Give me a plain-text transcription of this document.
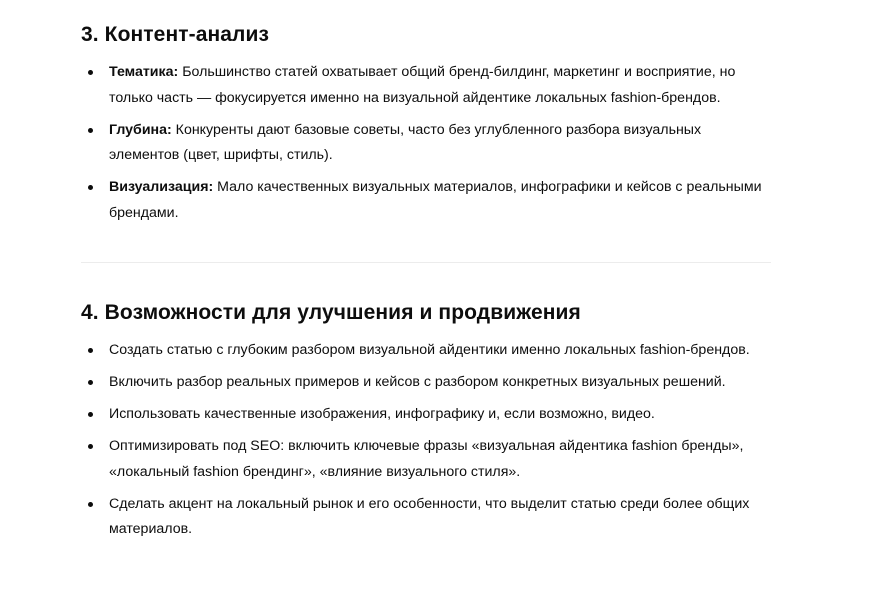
3. Контент-анализ
Тематика: Большинство статей охватывает общий бренд-билдинг, маркетинг и восприятие, но только часть — фокусируется именно на визуальной айдентике локальных fashion-брендов.
Глубина: Конкуренты дают базовые советы, часто без углубленного разбора визуальных элементов (цвет, шрифты, стиль).
Визуализация: Мало качественных визуальных материалов, инфографики и кейсов с реальными брендами.
4. Возможности для улучшения и продвижения
Создать статью с глубоким разбором визуальной айдентики именно локальных fashion-брендов.
Включить разбор реальных примеров и кейсов с разбором конкретных визуальных решений.
Использовать качественные изображения, инфографику и, если возможно, видео.
Оптимизировать под SEO: включить ключевые фразы «визуальная айдентика fashion бренды», «локальный fashion брендинг», «влияние визуального стиля».
Сделать акцент на локальный рынок и его особенности, что выделит статью среди более общих материалов.
